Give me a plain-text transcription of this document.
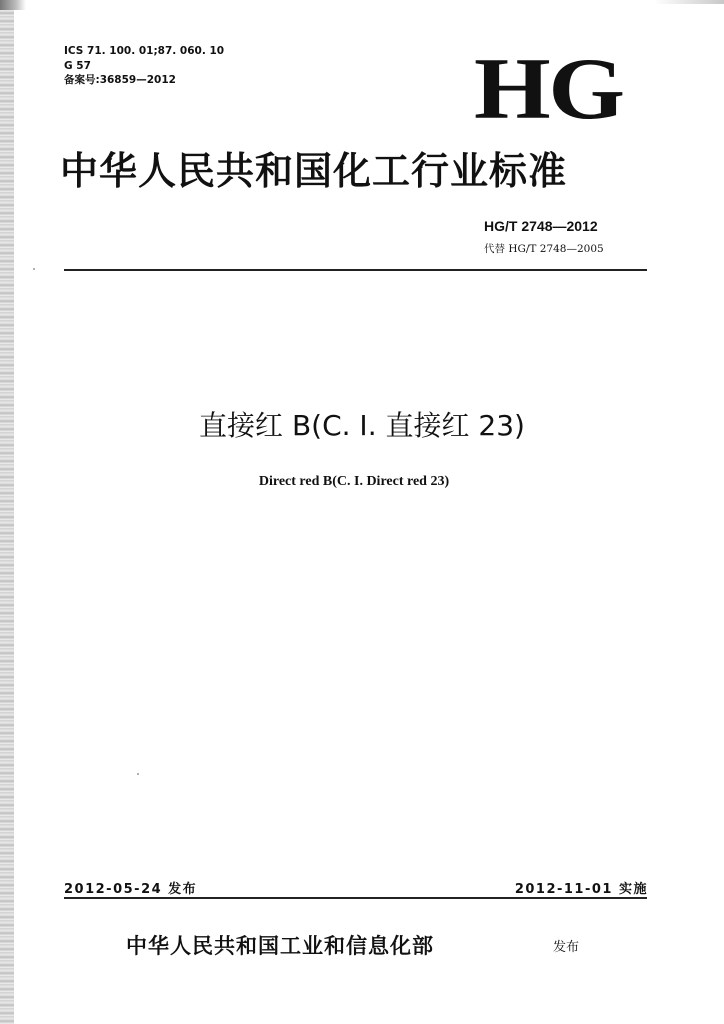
ICS 71. 100. 01;87. 060. 10
G 57
备案号:36859—2012	HG
中华人民共和国化工行业标准
HG/T 2748—2012
代替 HG/T 2748—2005
直接红 B(C. I. 直接红 23)
Direct red B(C. I. Direct red 23)
2012-05-24 发布	2012-11-01 实施
中华人民共和国工业和信息化部	发布
